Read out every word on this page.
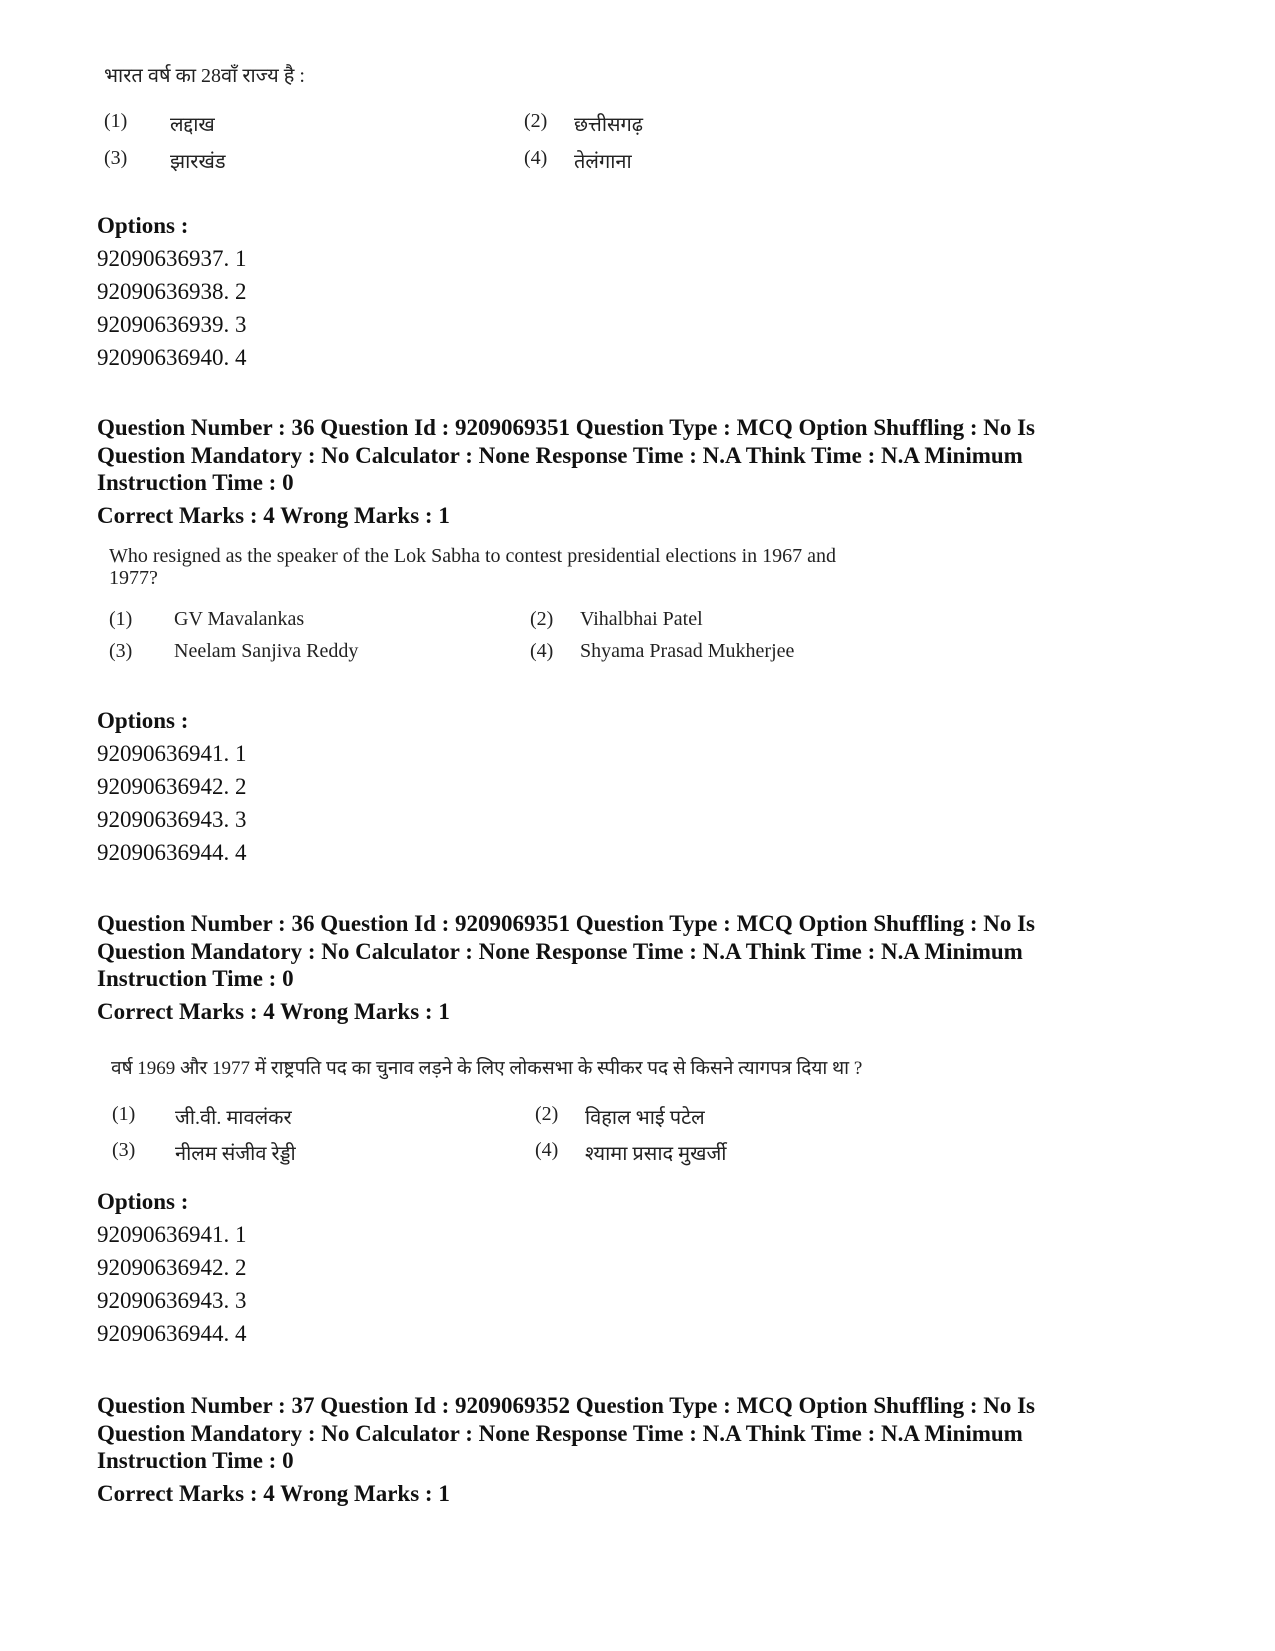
भारत वर्ष का 28वाँ राज्य है :
(1)	लद्दाख	(2)	छत्तीसगढ़
(3)	झारखंड	(4)	तेलंगाना
Options :
92090636937. 1
92090636938. 2
92090636939. 3
92090636940. 4
Question Number : 36 Question Id : 9209069351 Question Type : MCQ Option Shuffling : No Is
Question Mandatory : No Calculator : None Response Time : N.A Think Time : N.A Minimum
Instruction Time : 0
Correct Marks : 4 Wrong Marks : 1
Who resigned as the speaker of the Lok Sabha to contest presidential elections in 1967 and
1977?
(1)	GV Mavalankas	(2)	Vihalbhai Patel
(3)	Neelam Sanjiva Reddy	(4)	Shyama Prasad Mukherjee
Options :
92090636941. 1
92090636942. 2
92090636943. 3
92090636944. 4
Question Number : 36 Question Id : 9209069351 Question Type : MCQ Option Shuffling : No Is
Question Mandatory : No Calculator : None Response Time : N.A Think Time : N.A Minimum
Instruction Time : 0
Correct Marks : 4 Wrong Marks : 1
वर्ष 1969 और 1977 में राष्ट्रपति पद का चुनाव लड़ने के लिए लोकसभा के स्पीकर पद से किसने त्यागपत्र दिया था ?
(1)	जी.वी. मावलंकर	(2)	विहाल भाई पटेल
(3)	नीलम संजीव रेड्डी	(4)	श्यामा प्रसाद मुखर्जी
Options :
92090636941. 1
92090636942. 2
92090636943. 3
92090636944. 4
Question Number : 37 Question Id : 9209069352 Question Type : MCQ Option Shuffling : No Is
Question Mandatory : No Calculator : None Response Time : N.A Think Time : N.A Minimum
Instruction Time : 0
Correct Marks : 4 Wrong Marks : 1
